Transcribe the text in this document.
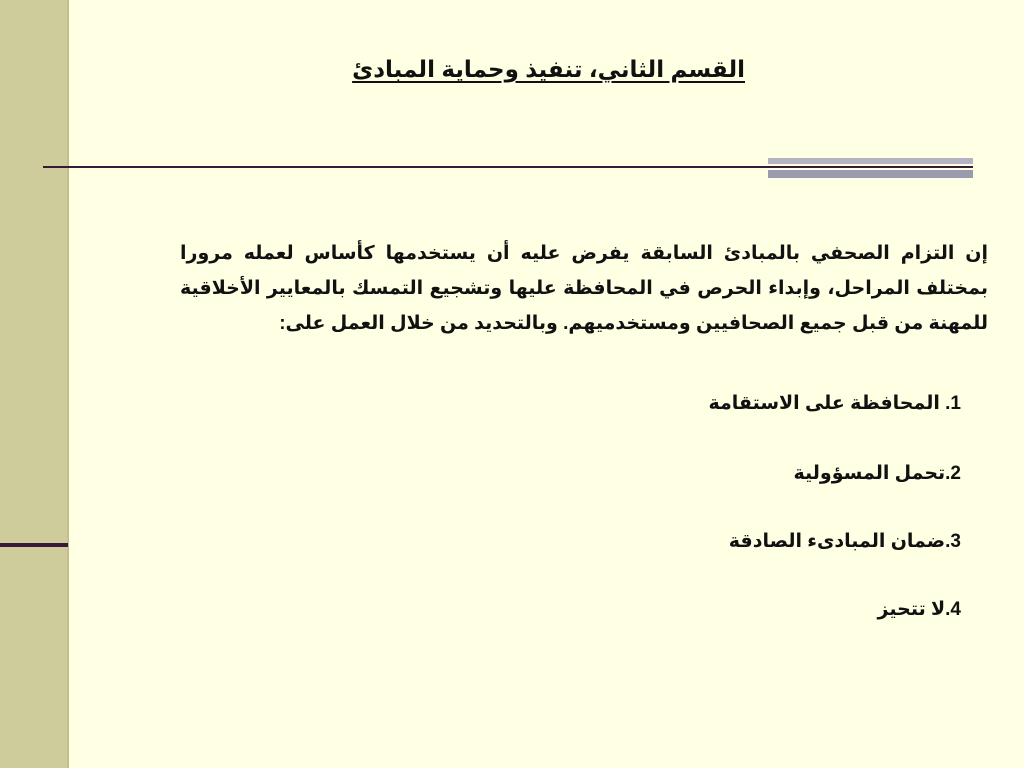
القسم الثاني، تنفيذ وحماية المبادئ

إن التزام الصحفي بالمبادئ السابقة يفرض عليه أن يستخدمها كأساس لعمله مرورا بمختلف المراحل، وإبداء الحرص في المحافظة عليها وتشجيع التمسك بالمعايير الأخلاقية للمهنة من قبل جميع الصحافيين ومستخدميهم. وبالتحديد من خلال العمل على:

1. المحافظة على الاستقامة

2.تحمل المسؤولية

3.ضمان المبادىء الصادقة

4.لا تتحيز
